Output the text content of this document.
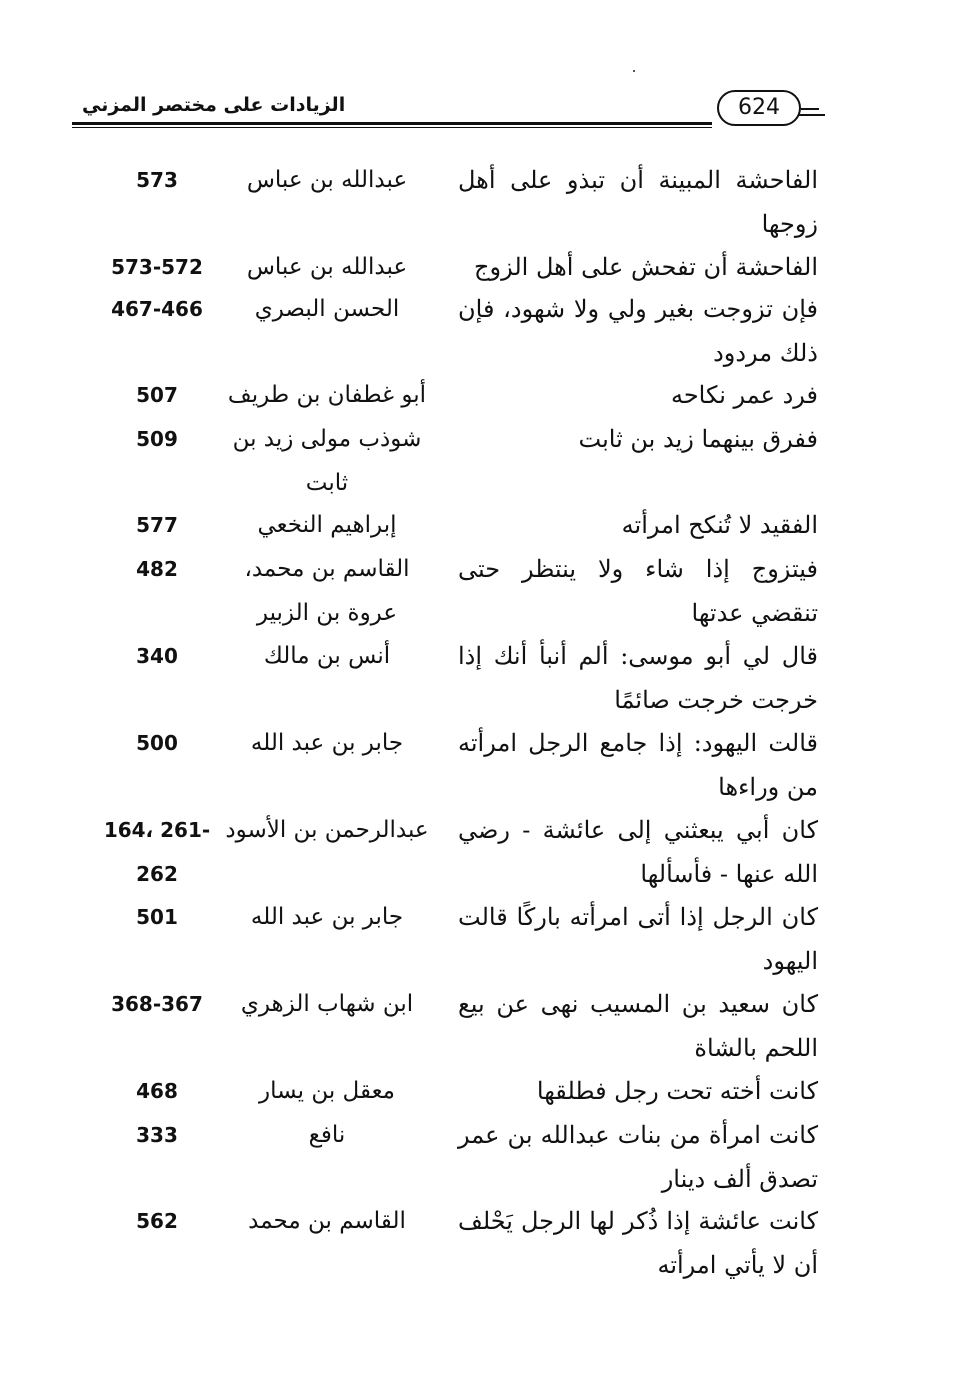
الزيادات على مختصر المزني	624
الفاحشة المبينة أن تبذو على أهل زوجها
عبدالله بن عباس
573
الفاحشة أن تفحش على أهل الزوج
عبدالله بن عباس
573-572
فإن تزوجت بغير ولي ولا شهود، فإن ذلك مردود
الحسن البصري
467-466
فرد عمر نكاحه
أبو غطفان بن طريف
507
ففرق بينهما زيد بن ثابت
شوذب مولى زيد بن ثابت
509
الفقيد لا تُنكح امرأته
إبراهيم النخعي
577
فيتزوج إذا شاء ولا ينتظر حتى تنقضي عدتها
القاسم بن محمد، عروة بن الزبير
482
قال لي أبو موسى: ألم أنبأ أنك إذا خرجت خرجت صائمًا
أنس بن مالك
340
قالت اليهود: إذا جامع الرجل امرأته من وراءها
جابر بن عبد الله
500
كان أبي يبعثني إلى عائشة - رضي الله عنها - فأسألها
عبدالرحمن بن الأسود
164، 261-262
كان الرجل إذا أتى امرأته باركًا قالت اليهود
جابر بن عبد الله
501
كان سعيد بن المسيب نهى عن بيع اللحم بالشاة
ابن شهاب الزهري
368-367
كانت أخته تحت رجل فطلقها
معقل بن يسار
468
كانت امرأة من بنات عبدالله بن عمر تصدق ألف دينار
نافع
333
كانت عائشة إذا ذُكر لها الرجل يَحْلف أن لا يأتي امرأته
القاسم بن محمد
562
